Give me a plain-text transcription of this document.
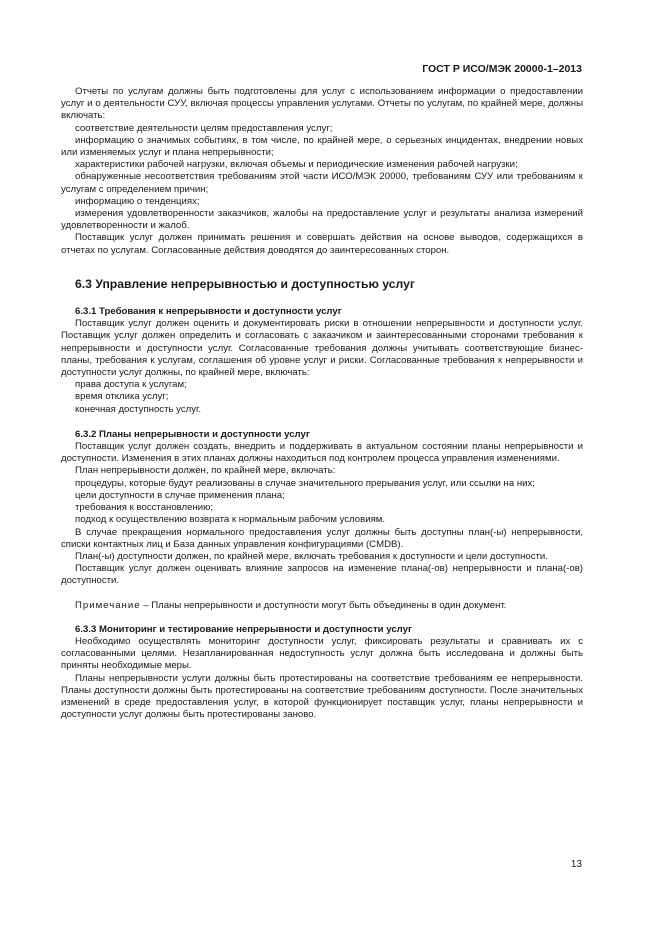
ГОСТ Р ИСО/МЭК 20000-1–2013

Отчеты по услугам должны быть подготовлены для услуг с использованием информации о предоставлении услуг и о деятельности СУУ, включая процессы управления услугами. Отчеты по услугам, по крайней мере, должны включать:

соответствие деятельности целям предоставления услуг;

информацию о значимых событиях, в том числе, по крайней мере, о серьезных инцидентах, внедрении новых или изменяемых услуг и плана непрерывности;

характеристики рабочей нагрузки, включая объемы и периодические изменения рабочей нагрузки;

обнаруженные несоответствия требованиям этой части ИСО/МЭК 20000, требованиям СУУ или требованиям к услугам с определением причин;

информацию о тенденциях;

измерения удовлетворенности заказчиков, жалобы на предоставление услуг и результаты анализа измерений удовлетворенности и жалоб.

Поставщик услуг должен принимать решения и совершать действия на основе выводов, содержащихся в отчетах по услугам. Согласованные действия доводятся до заинтересованных сторон.

6.3 Управление непрерывностью и доступностью услуг
6.3.1 Требования к непрерывности и доступности услуг

Поставщик услуг должен оценить и документировать риски в отношении непрерывности и доступности услуг. Поставщик услуг должен определить и согласовать с заказчиком и заинтересованными сторонами требования к непрерывности и доступности услуг. Согласованные требования должны учитывать соответствующие бизнес-планы, требования к услугам, соглашения об уровне услуг и риски. Согласованные требования к непрерывности и доступности услуг должны, по крайней мере, включать:

права доступа к услугам;

время отклика услуг;

конечная доступность услуг.

6.3.2 Планы непрерывности и доступности услуг

Поставщик услуг должен создать, внедрить и поддерживать в актуальном состоянии планы непрерывности и доступности. Изменения в этих планах должны находиться под контролем процесса управления изменениями.

План непрерывности должен, по крайней мере, включать:

процедуры, которые будут реализованы в случае значительного прерывания услуг, или ссылки на них;

цели доступности в случае применения плана;

требования к восстановлению;

подход к осуществлению возврата к нормальным рабочим условиям.

В случае прекращения нормального предоставления услуг должны быть доступны план(-ы) непрерывности, списки контактных лиц и База данных управления конфигурациями (CMDB).

План(-ы) доступности должен, по крайней мере, включать требования к доступности и цели доступности.

Поставщик услуг должен оценивать влияние запросов на изменение плана(-ов) непрерывности и плана(-ов) доступности.

Примечание – Планы непрерывности и доступности могут быть объединены в один документ.
6.3.3 Мониторинг и тестирование непрерывности и доступности услуг

Необходимо осуществлять мониторинг доступности услуг, фиксировать результаты и сравнивать их с согласованными целями. Незапланированная недоступность услуг должна быть исследована и должны быть приняты необходимые меры.

Планы непрерывности услуги должны быть протестированы на соответствие требованиям ее непрерывности. Планы доступности должны быть протестированы на соответствие требованиям доступности. После значительных изменений в среде предоставления услуг, в которой функционирует поставщик услуг, планы непрерывности и доступности услуг должны быть протестированы заново.

13
